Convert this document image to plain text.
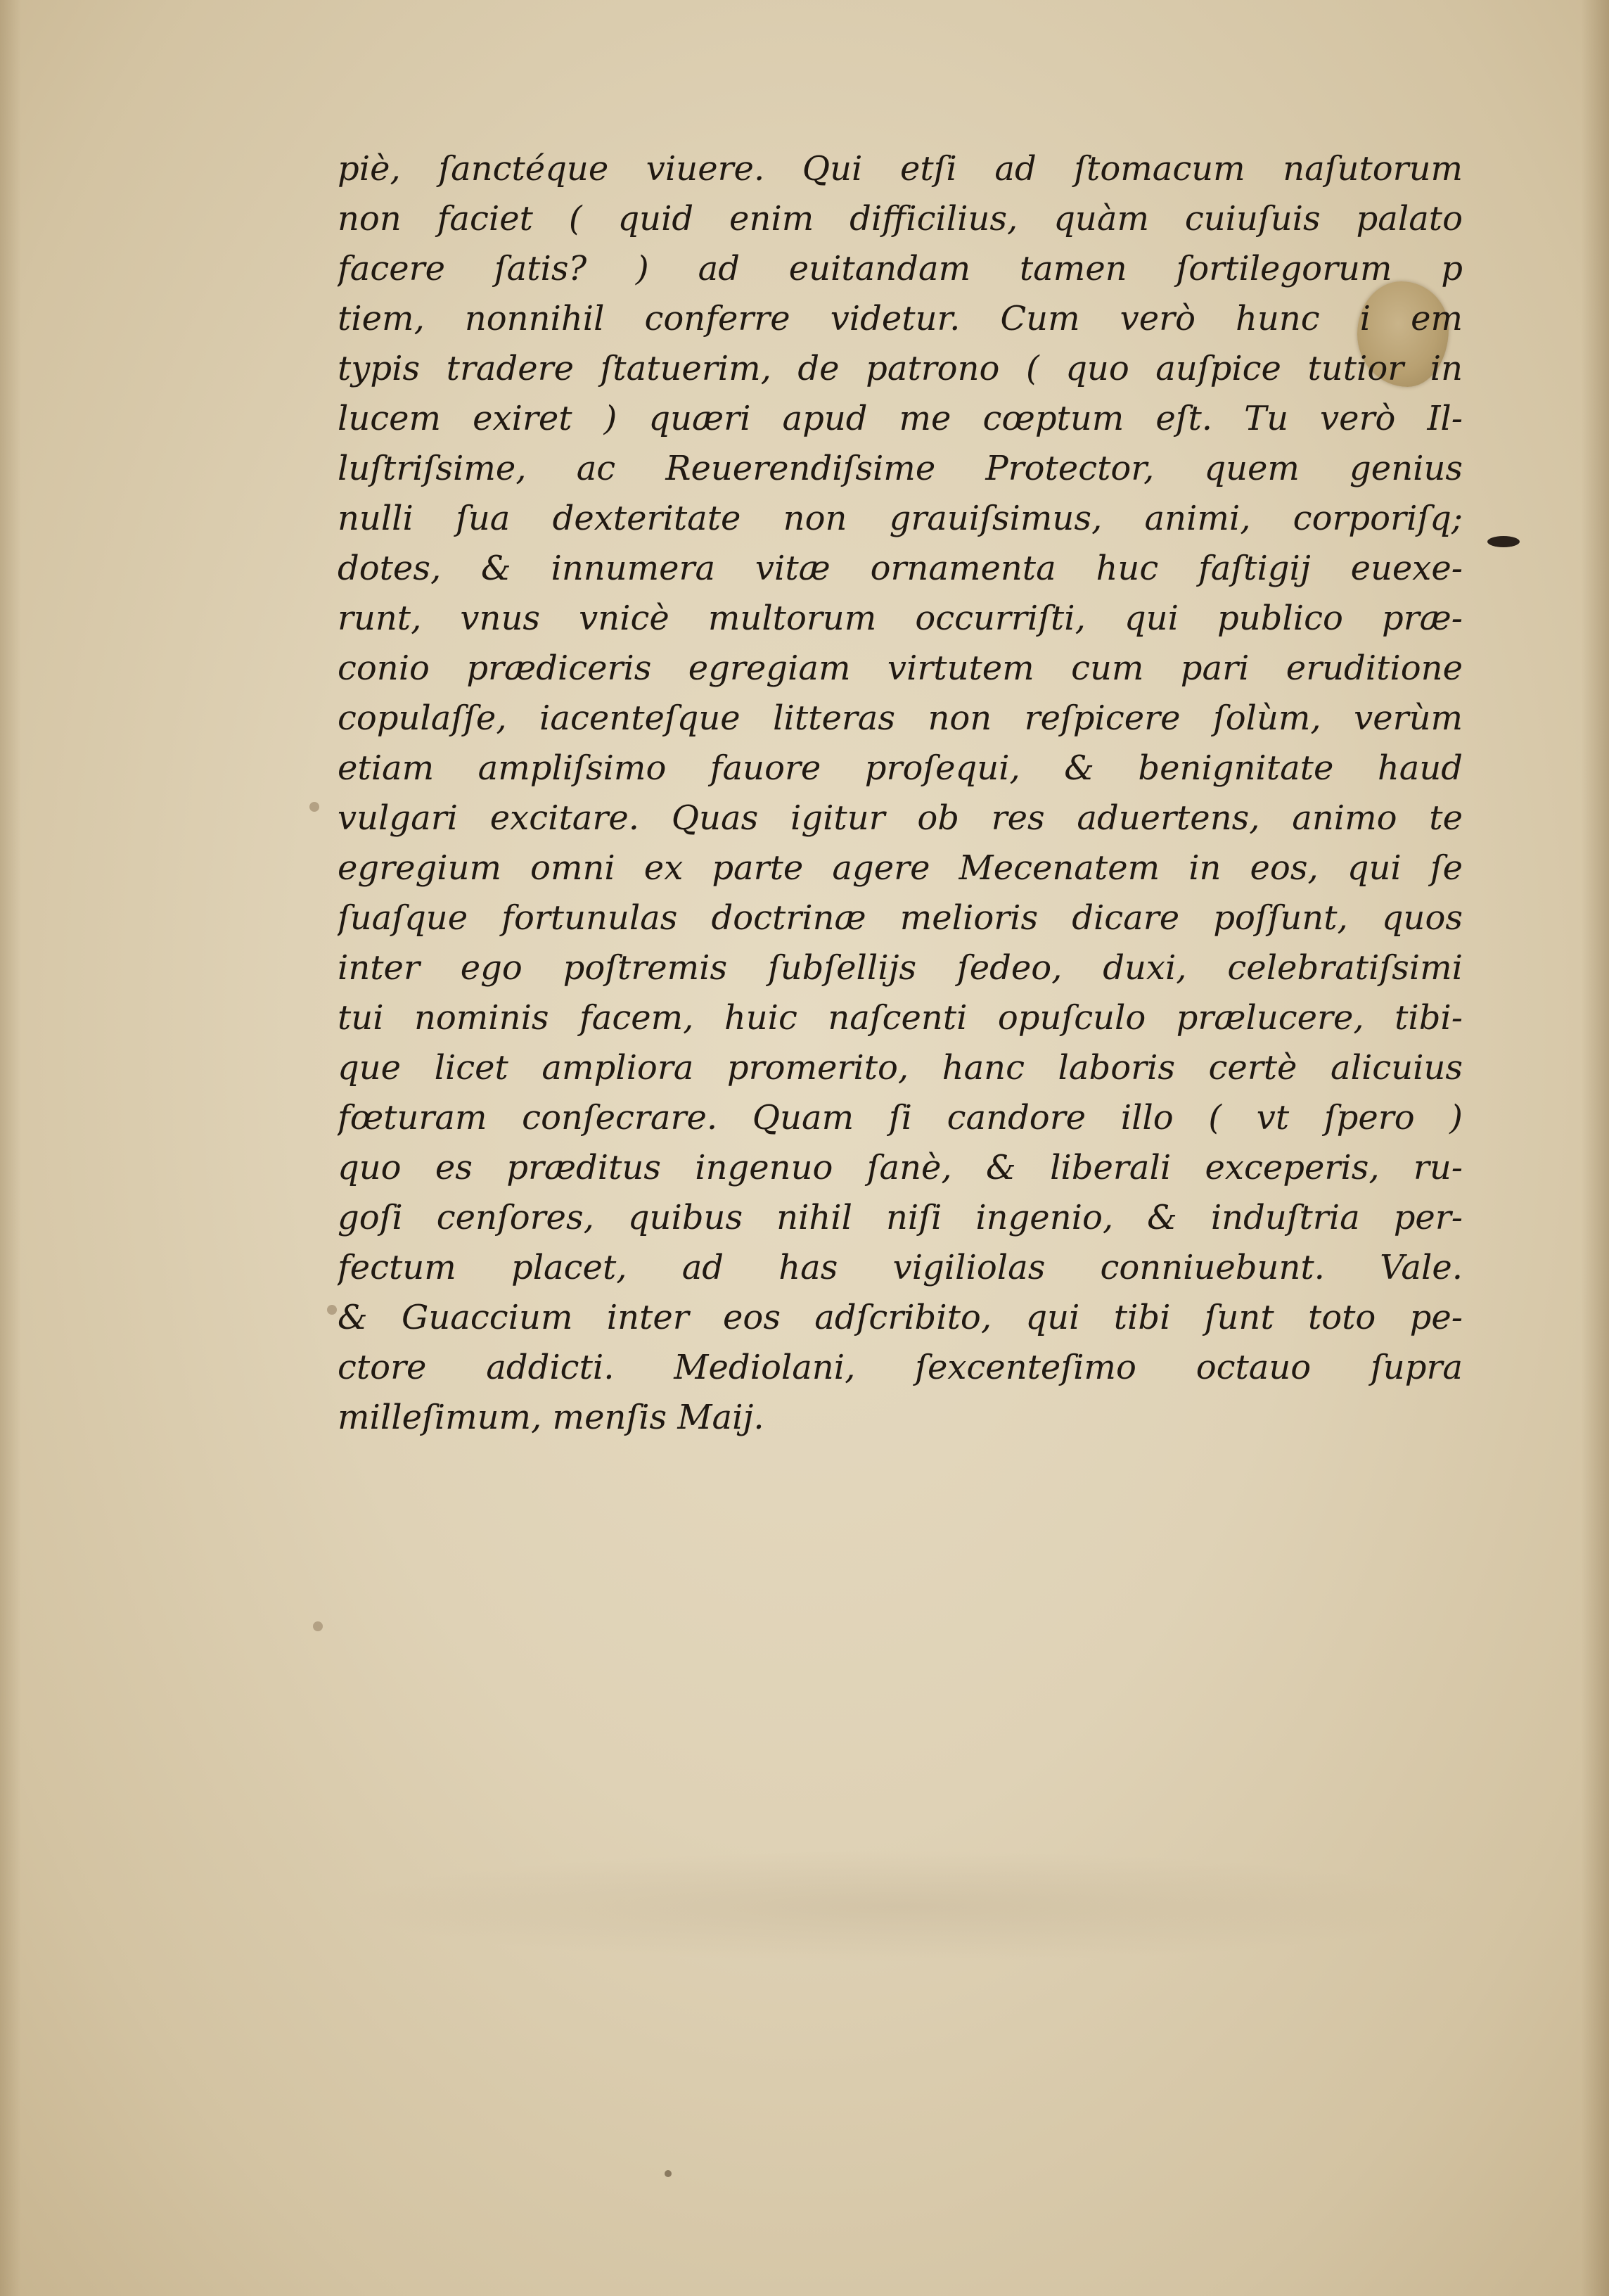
piè, ſanctéque viuere. Qui etſi ad ſtomacum naſutorum
non faciet ( quid enim difficilius, quàm cuiuſuis palato
facere ſatis? ) ad euitandam tamen ſortilegorum p
tiem, nonnihil conferre videtur. Cum verò hunc i em
typis tradere ſtatuerim, de patrono ( quo auſpice tutior in
lucem exiret ) quæri apud me cœptum eſt. Tu verò Il-
luſtriſsime, ac Reuerendiſsime Protector, quem genius
nulli ſua dexteritate non grauiſsimus, animi, corporiſq;
dotes, & innumera vitæ ornamenta huc faſtigij euexe-
runt, vnus vnicè multorum occurriſti, qui publico præ-
conio prædiceris egregiam virtutem cum pari eruditione
copulaſſe, iacenteſque litteras non reſpicere ſolùm, verùm
etiam ampliſsimo fauore proſequi, & benignitate haud
vulgari excitare. Quas igitur ob res aduertens, animo te
egregium omni ex parte agere Mecenatem in eos, qui ſe
ſuaſque fortunulas doctrinæ melioris dicare poſſunt, quos
inter ego poſtremis ſubſellijs ſedeo, duxi, celebratiſsimi
tui nominis facem, huic naſcenti opuſculo prælucere, tibi-
que licet ampliora promerito, hanc laboris certè alicuius
fœturam conſecrare. Quam ſi candore illo ( vt ſpero )
quo es præditus ingenuo ſanè, & liberali exceperis, ru-
goſi cenſores, quibus nihil niſi ingenio, & induſtria per-
fectum placet, ad has vigiliolas conniuebunt. Vale.
& Guaccium inter eos adſcribito, qui tibi ſunt toto pe-
ctore addicti. Mediolani, ſexcenteſimo octauo ſupra
milleſimum, menſis Maij.
